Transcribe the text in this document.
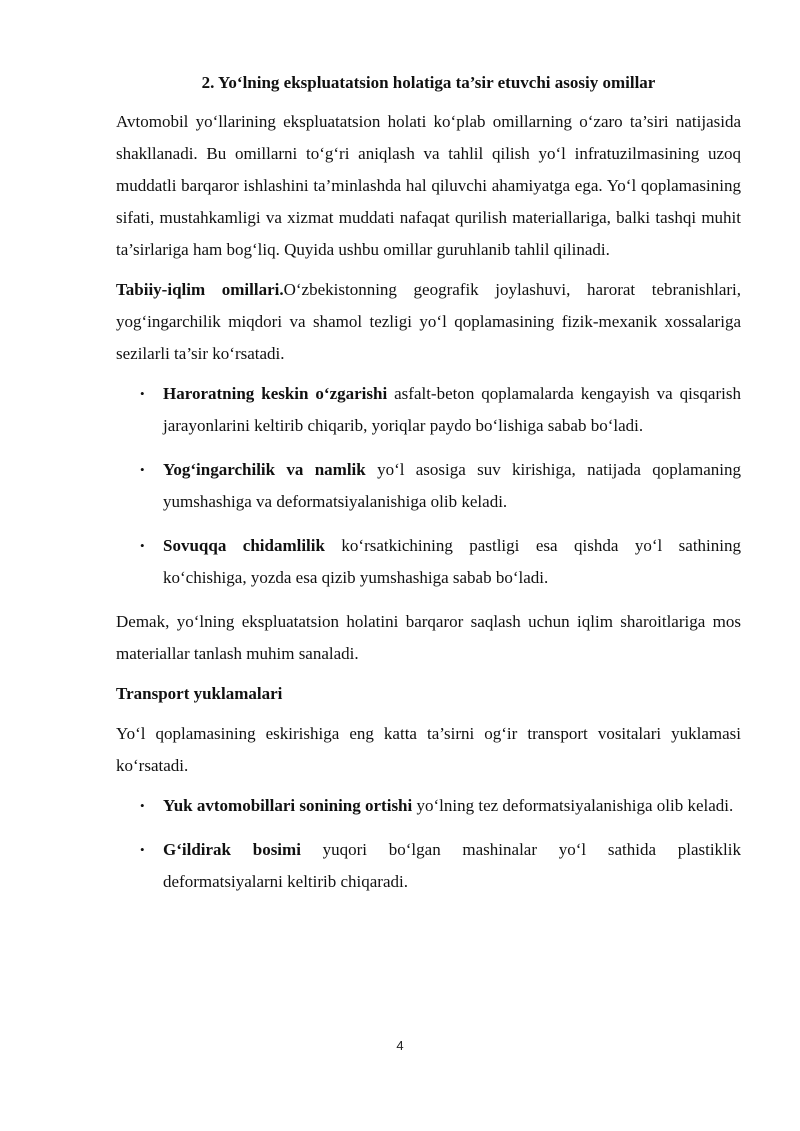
2. Yo‘lning ekspluatatsion holatiga ta’sir etuvchi asosiy omillar

Avtomobil yo‘llarining ekspluatatsion holati ko‘plab omillarning o‘zaro ta’siri natijasida shakllanadi. Bu omillarni to‘g‘ri aniqlash va tahlil qilish yo‘l infratuzilmasining uzoq muddatli barqaror ishlashini ta’minlashda hal qiluvchi ahamiyatga ega. Yo‘l qoplamasining sifati, mustahkamligi va xizmat muddati nafaqat qurilish materiallariga, balki tashqi muhit ta’sirlariga ham bog‘liq. Quyida ushbu omillar guruhlanib tahlil qilinadi.

Tabiiy-iqlim omillari.O‘zbekistonning geografik joylashuvi, harorat tebranishlari, yog‘ingarchilik miqdori va shamol tezligi yo‘l qoplamasining fizik-mexanik xossalariga sezilarli ta’sir ko‘rsatadi.

• Haroratning keskin o‘zgarishi asfalt-beton qoplamalarda kengayish va qisqarish jarayonlarini keltirib chiqarib, yoriqlar paydo bo‘lishiga sabab bo‘ladi.
• Yog‘ingarchilik va namlik yo‘l asosiga suv kirishiga, natijada qoplamaning yumshashiga va deformatsiyalanishiga olib keladi.
• Sovuqqa chidamlilik ko‘rsatkichining pastligi esa qishda yo‘l sathining ko‘chishiga, yozda esa qizib yumshashiga sabab bo‘ladi.

Demak, yo‘lning ekspluatatsion holatini barqaror saqlash uchun iqlim sharoitlariga mos materiallar tanlash muhim sanaladi.

Transport yuklamalari

Yo‘l qoplamasining eskirishiga eng katta ta’sirni og‘ir transport vositalari yuklamasi ko‘rsatadi.

• Yuk avtomobillari sonining ortishi yo‘lning tez deformatsiyalanishiga olib keladi.
• G‘ildirak bosimi yuqori bo‘lgan mashinalar yo‘l sathida plastiklik deformatsiyalarni keltirib chiqaradi.
4
